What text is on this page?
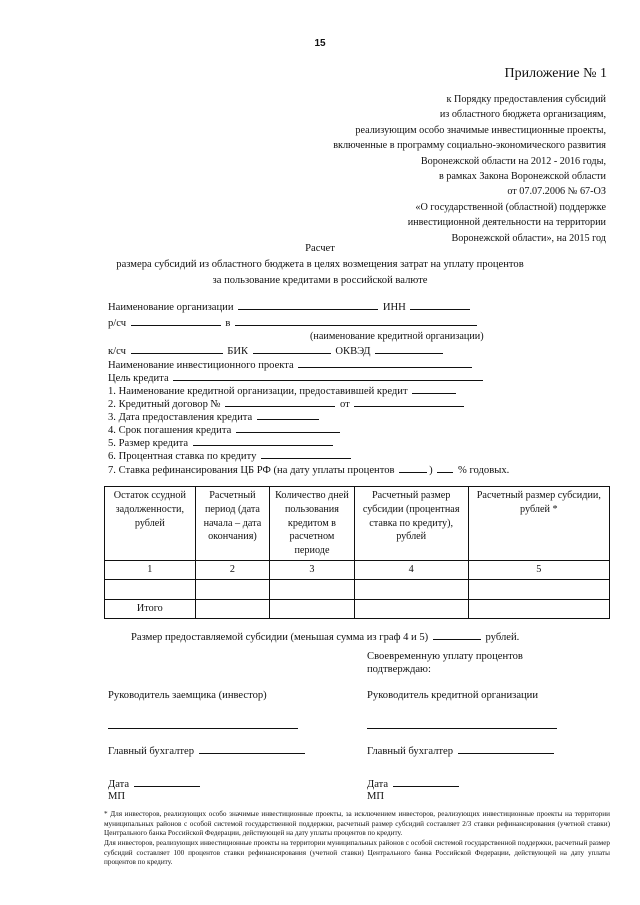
15
Приложение № 1
к Порядку предоставления субсидий
из областного бюджета организациям,
реализующим особо значимые инвестиционные проекты,
включенные в программу социально-экономического развития
Воронежской области на 2012 - 2016 годы,
в рамках Закона Воронежской области
от 07.07.2006 № 67-ОЗ
«О государственной (областной) поддержке
инвестиционной деятельности на территории
Воронежской области», на 2015 год
Расчет
размера субсидий из областного бюджета в целях возмещения затрат на уплату процентов
за пользование кредитами в российской валюте
Наименование организации	ИНН
р/сч	в
(наименование кредитной организации)
к/сч	БИК	ОКВЭД
Наименование инвестиционного проекта
Цель кредита
1. Наименование кредитной организации, предоставившей кредит
2. Кредитный договор №	от
3. Дата предоставления кредита
4. Срок погашения кредита
5. Размер кредита
6. Процентная ставка по кредиту
7. Ставка рефинансирования ЦБ РФ (на дату уплаты процентов	) % годовых.
Остаток ссудной задолженности, рублей	Расчетный период (дата начала – дата окончания)	Количество дней пользования кредитом в расчетном периоде	Расчетный размер субсидии (процентная ставка по кредиту), рублей	Расчетный размер субсидии, рублей *
1	2	3	4	5

Итого				
Размер предоставляемой субсидии (меньшая сумма из граф 4 и 5)	рублей.
Своевременную уплату процентов
подтверждаю:
Руководитель заемщика (инвестор)	Руководитель кредитной организации
Главный бухгалтер	Главный бухгалтер
Дата
МП
Дата
МП

* Для инвесторов, реализующих особо значимые инвестиционные проекты, за исключением инвесторов, реализующих инвестиционные проекты на территории муниципальных районов с особой системой государственной поддержки, расчетный размер субсидий составляет 2/3 ставки рефинансирования (учетной ставки) Центрального банка Российской Федерации, действующей на дату уплаты процентов по кредиту.

Для инвесторов, реализующих инвестиционные проекты на территории муниципальных районов с особой системой государственной поддержки, расчетный размер субсидий составляет 100 процентов ставки рефинансирования (учетной ставки) Центрального банка Российской Федерации, действующей на дату уплаты процентов по кредиту.
